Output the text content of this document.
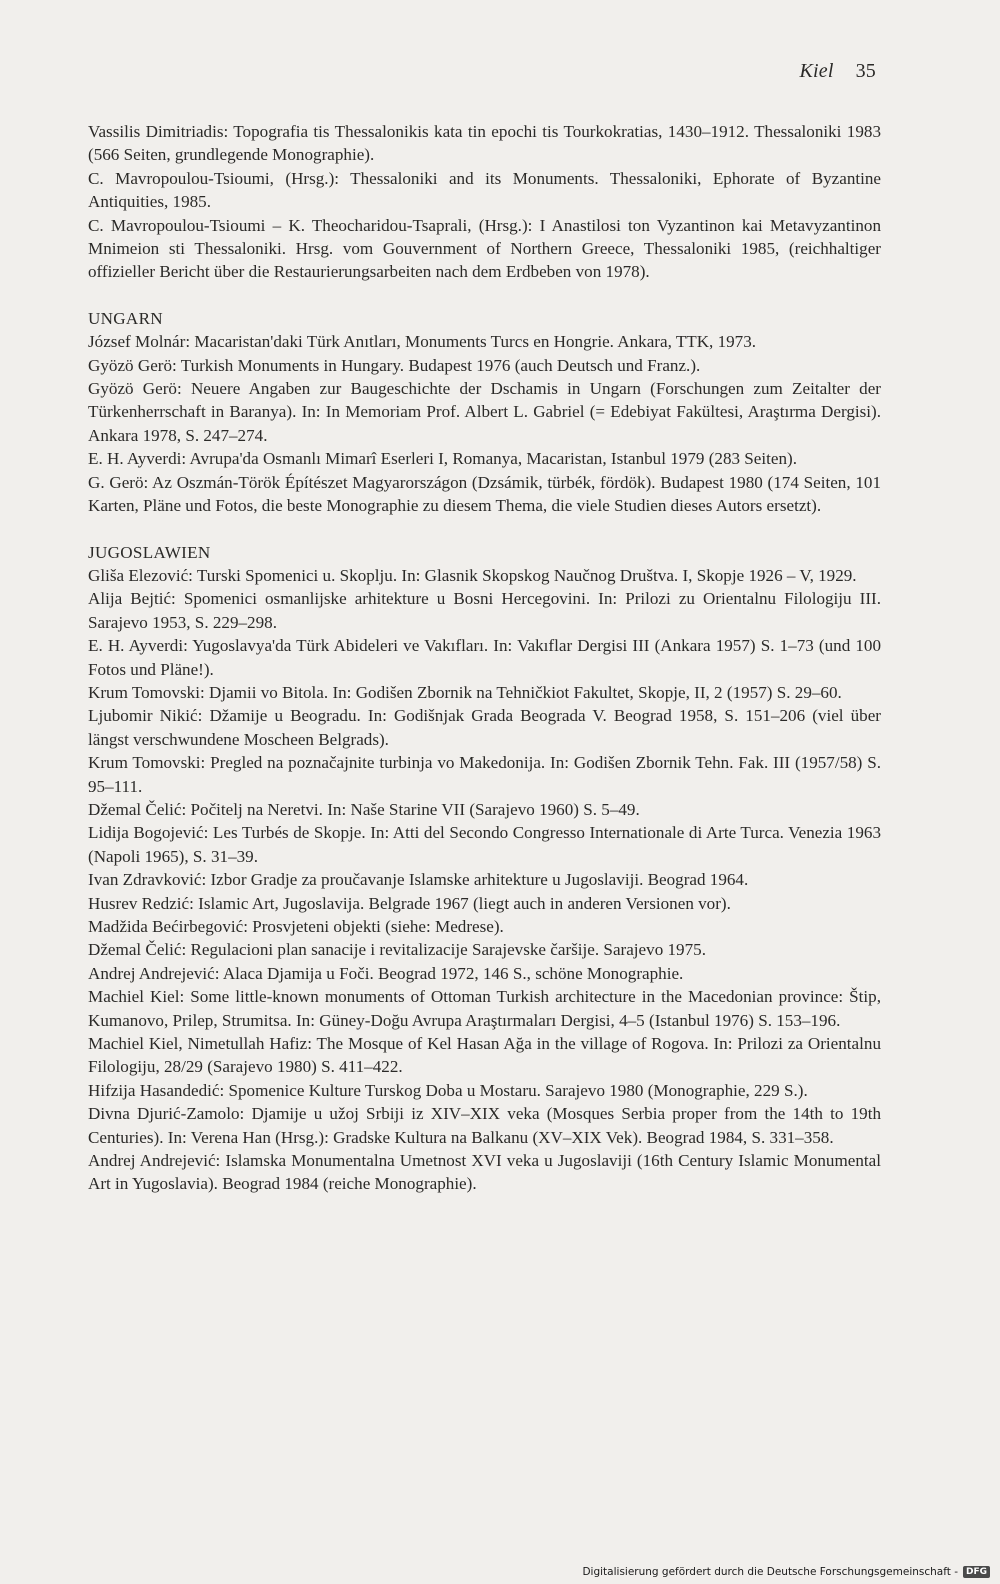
Kiel 35

Vassilis Dimitriadis: Topografia tis Thessalonikis kata tin epochi tis Tourkokratias, 1430–1912. Thessaloniki 1983 (566 Seiten, grundlegende Monographie).

C. Mavropoulou-Tsioumi, (Hrsg.): Thessaloniki and its Monuments. Thessaloniki, Ephorate of Byzantine Antiquities, 1985.

C. Mavropoulou-Tsioumi – K. Theocharidou-Tsaprali, (Hrsg.): I Anastilosi ton Vyzantinon kai Metavyzantinon Mnimeion sti Thessaloniki. Hrsg. vom Gouvernment of Northern Greece, Thessaloniki 1985, (reichhaltiger offizieller Bericht über die Restaurierungsarbeiten nach dem Erdbeben von 1978).

UNGARN

József Molnár: Macaristan'daki Türk Anıtları, Monuments Turcs en Hongrie. Ankara, TTK, 1973.

Gyözö Gerö: Turkish Monuments in Hungary. Budapest 1976 (auch Deutsch und Franz.).

Gyözö Gerö: Neuere Angaben zur Baugeschichte der Dschamis in Ungarn (Forschungen zum Zeitalter der Türkenherrschaft in Baranya). In: In Memoriam Prof. Albert L. Gabriel (= Edebiyat Fakültesi, Araştırma Dergisi). Ankara 1978, S. 247–274.

E. H. Ayverdi: Avrupa'da Osmanlı Mimarî Eserleri I, Romanya, Macaristan, Istanbul 1979 (283 Seiten).

G. Gerö: Az Oszmán-Török Építészet Magyarországon (Dzsámik, türbék, fördök). Budapest 1980 (174 Seiten, 101 Karten, Pläne und Fotos, die beste Monographie zu diesem Thema, die viele Studien dieses Autors ersetzt).

JUGOSLAWIEN

Gliša Elezović: Turski Spomenici u. Skoplju. In: Glasnik Skopskog Naučnog Društva. I, Skopje 1926 – V, 1929.

Alija Bejtić: Spomenici osmanlijske arhitekture u Bosni Hercegovini. In: Prilozi zu Orientalnu Filologiju III. Sarajevo 1953, S. 229–298.

E. H. Ayverdi: Yugoslavya'da Türk Abideleri ve Vakıfları. In: Vakıflar Dergisi III (Ankara 1957) S. 1–73 (und 100 Fotos und Pläne!).

Krum Tomovski: Djamii vo Bitola. In: Godišen Zbornik na Tehničkiot Fakultet, Skopje, II, 2 (1957) S. 29–60.

Ljubomir Nikić: Džamije u Beogradu. In: Godišnjak Grada Beograda V. Beograd 1958, S. 151–206 (viel über längst verschwundene Moscheen Belgrads).

Krum Tomovski: Pregled na poznačajnite turbinja vo Makedonija. In: Godišen Zbornik Tehn. Fak. III (1957/58) S. 95–111.

Džemal Čelić: Počitelj na Neretvi. In: Naše Starine VII (Sarajevo 1960) S. 5–49.

Lidija Bogojević: Les Turbés de Skopje. In: Atti del Secondo Congresso Internationale di Arte Turca. Venezia 1963 (Napoli 1965), S. 31–39.

Ivan Zdravković: Izbor Gradje za proučavanje Islamske arhitekture u Jugoslaviji. Beograd 1964.

Husrev Redzić: Islamic Art, Jugoslavija. Belgrade 1967 (liegt auch in anderen Versionen vor).

Madžida Bećirbegović: Prosvjeteni objekti (siehe: Medrese).

Džemal Čelić: Regulacioni plan sanacije i revitalizacije Sarajevske čaršije. Sarajevo 1975.

Andrej Andrejević: Alaca Djamija u Foči. Beograd 1972, 146 S., schöne Monographie.

Machiel Kiel: Some little-known monuments of Ottoman Turkish architecture in the Macedonian province: Štip, Kumanovo, Prilep, Strumitsa. In: Güney-Doğu Avrupa Araştırmaları Dergisi, 4–5 (Istanbul 1976) S. 153–196.

Machiel Kiel, Nimetullah Hafiz: The Mosque of Kel Hasan Ağa in the village of Rogova. In: Prilozi za Orientalnu Filologiju, 28/29 (Sarajevo 1980) S. 411–422.

Hifzija Hasandedić: Spomenice Kulture Turskog Doba u Mostaru. Sarajevo 1980 (Monographie, 229 S.).

Divna Djurić-Zamolo: Djamije u užoj Srbiji iz XIV–XIX veka (Mosques Serbia proper from the 14th to 19th Centuries). In: Verena Han (Hrsg.): Gradske Kultura na Balkanu (XV–XIX Vek). Beograd 1984, S. 331–358.

Andrej Andrejević: Islamska Monumentalna Umetnost XVI veka u Jugoslaviji (16th Century Islamic Monumental Art in Yugoslavia). Beograd 1984 (reiche Monographie).

Digitalisierung gefördert durch die Deutsche Forschungsgemeinschaft - DFG
